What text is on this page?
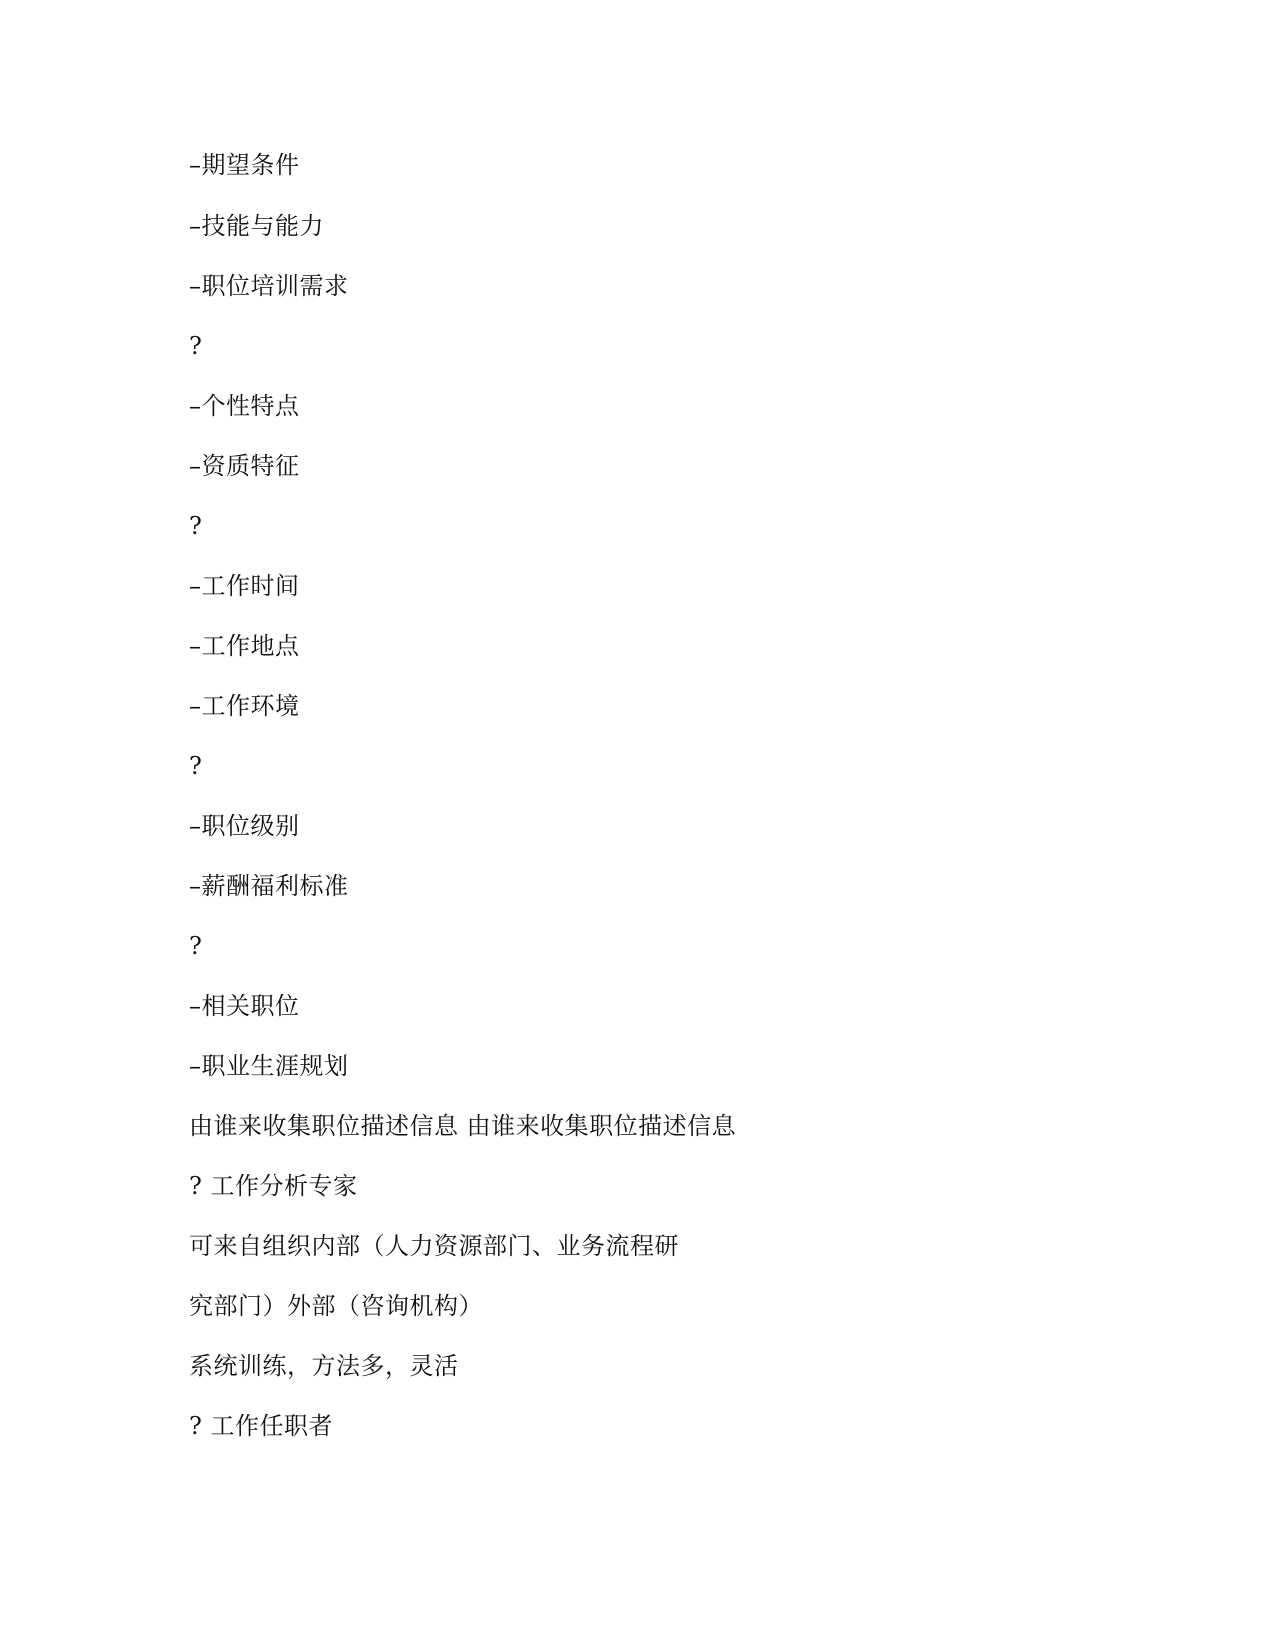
–期望条件
–技能与能力
–职位培训需求
?
–个性特点
–资质特征
?
–工作时间
–工作地点
–工作环境
?
–职位级别
–薪酬福利标准
?
–相关职位
–职业生涯规划
由谁来收集职位描述信息 由谁来收集职位描述信息
? 工作分析专家
可来自组织内部（人力资源部门、业务流程研
究部门）外部（咨询机构）
系统训练，方法多，灵活
? 工作任职者
